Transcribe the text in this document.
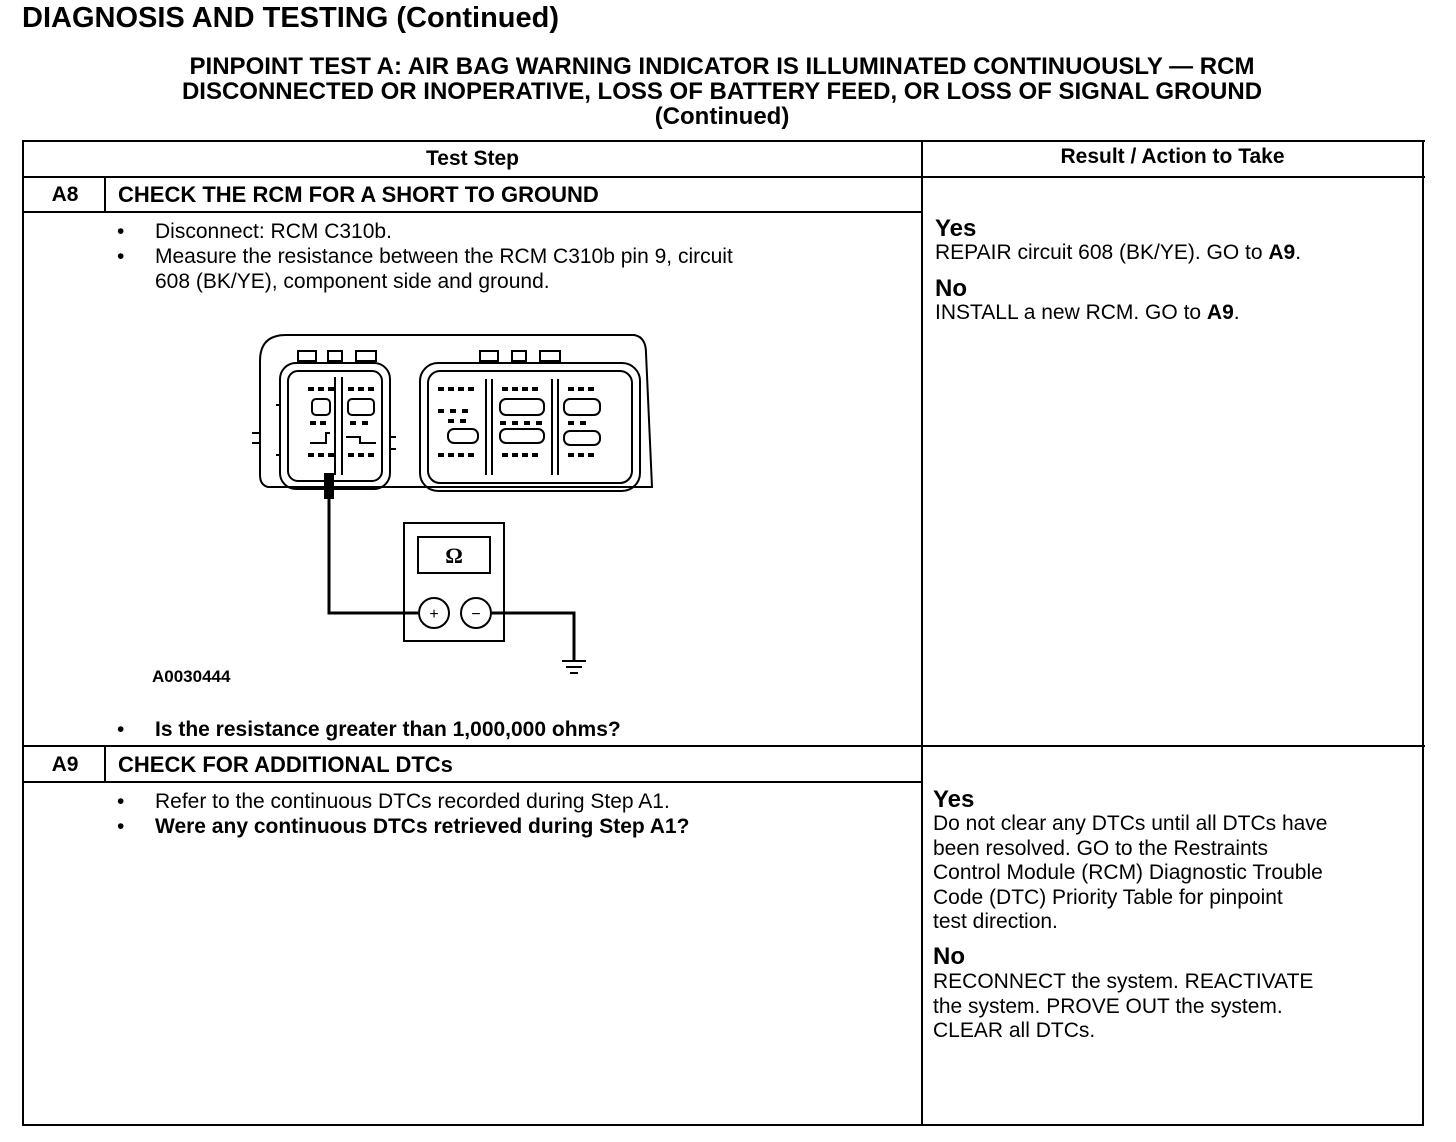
DIAGNOSIS AND TESTING (Continued)
PINPOINT TEST A: AIR BAG WARNING INDICATOR IS ILLUMINATED CONTINUOUSLY — RCM
DISCONNECTED OR INOPERATIVE, LOSS OF BATTERY FEED, OR LOSS OF SIGNAL GROUND
(Continued)
Test Step	Result / Action to Take
A8	CHECK THE RCM FOR A SHORT TO GROUND
• Disconnect: RCM C310b.
• Measure the resistance between the RCM C310b pin 9, circuit
608 (BK/YE), component side and ground.
Ω
+ −
A0030444
• Is the resistance greater than 1,000,000 ohms?
Yes
REPAIR circuit 608 (BK/YE). GO to A9.
No
INSTALL a new RCM. GO to A9.
A9	CHECK FOR ADDITIONAL DTCs
• Refer to the continuous DTCs recorded during Step A1.
• Were any continuous DTCs retrieved during Step A1?
Yes
Do not clear any DTCs until all DTCs have
been resolved. GO to the Restraints
Control Module (RCM) Diagnostic Trouble
Code (DTC) Priority Table for pinpoint
test direction.
No
RECONNECT the system. REACTIVATE
the system. PROVE OUT the system.
CLEAR all DTCs.
